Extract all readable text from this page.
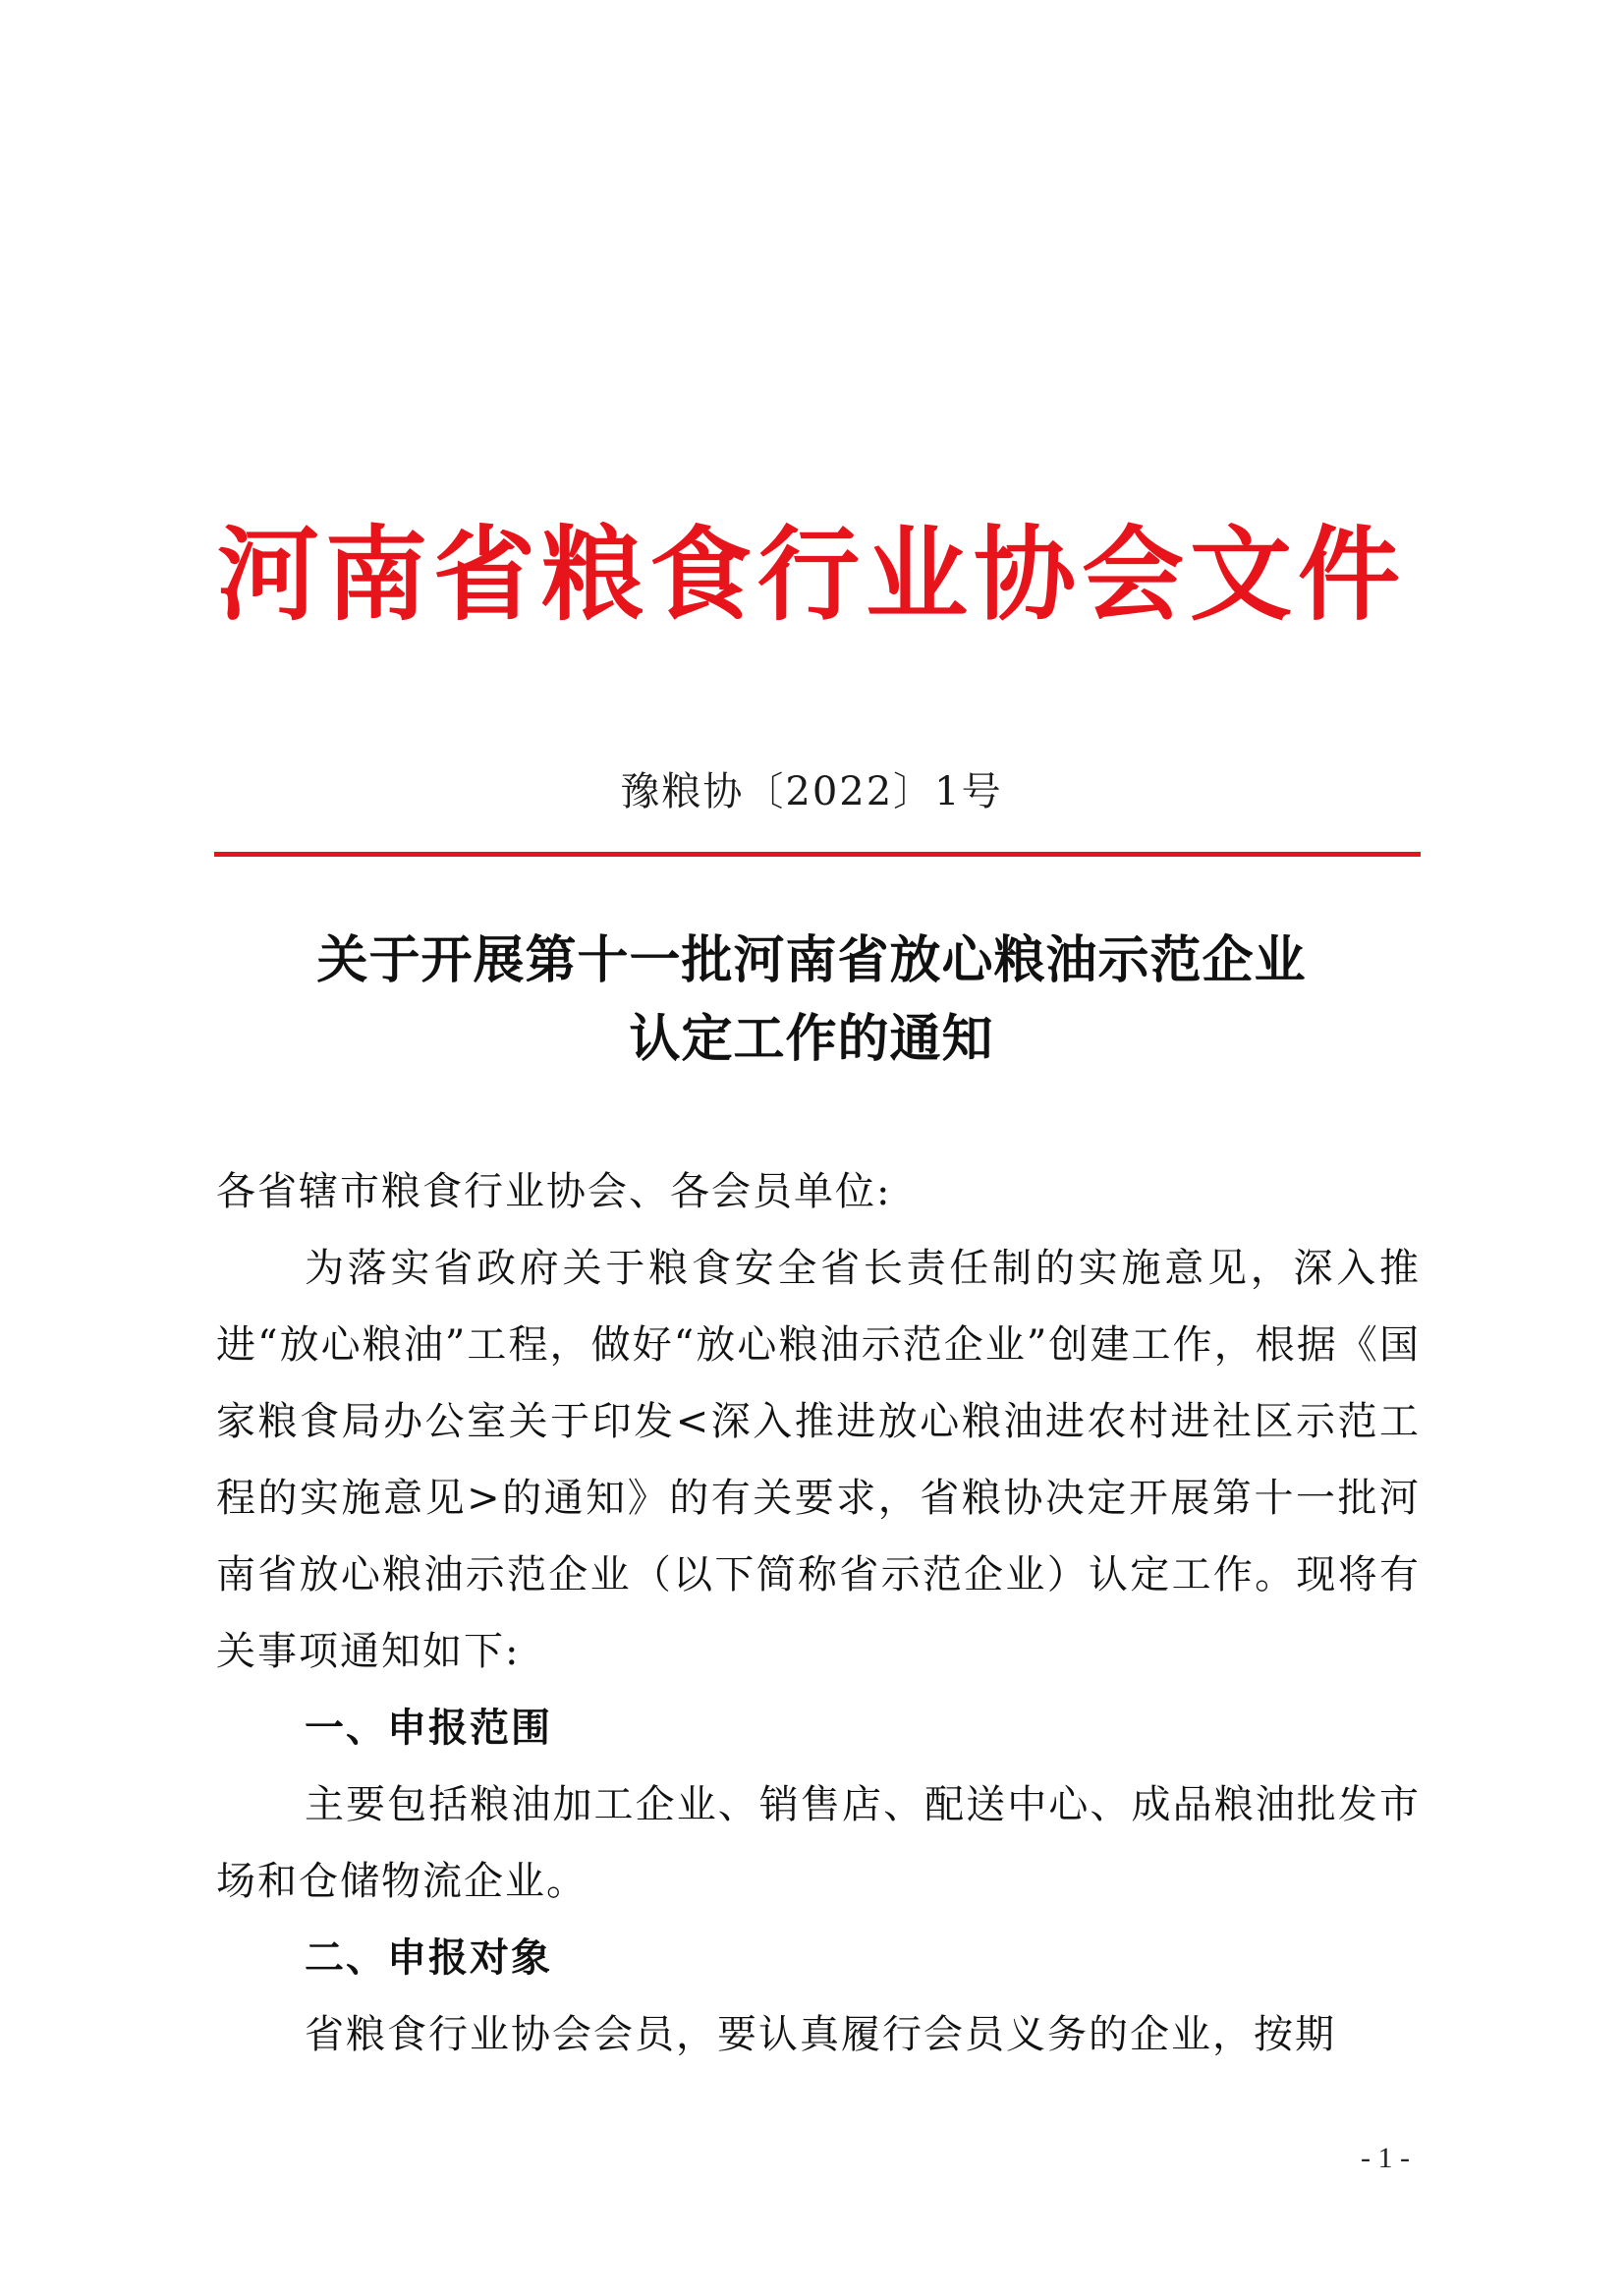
河南省粮食行业协会文件
豫粮协〔2022〕1号
关于开展第十一批河南省放心粮油示范企业
认定工作的通知

各省辖市粮食行业协会、各会员单位:

为落实省政府关于粮食安全省长责任制的实施意见，深入推进“放心粮油”工程，做好“放心粮油示范企业”创建工作，根据《国家粮食局办公室关于印发<深入推进放心粮油进农村进社区示范工程的实施意见>的通知》的有关要求，省粮协决定开展第十一批河南省放心粮油示范企业（以下简称省示范企业）认定工作。现将有关事项通知如下:

一、申报范围

主要包括粮油加工企业、销售店、配送中心、成品粮油批发市场和仓储物流企业。

二、申报对象

省粮食行业协会会员，要认真履行会员义务的企业，按期

- 1 -
